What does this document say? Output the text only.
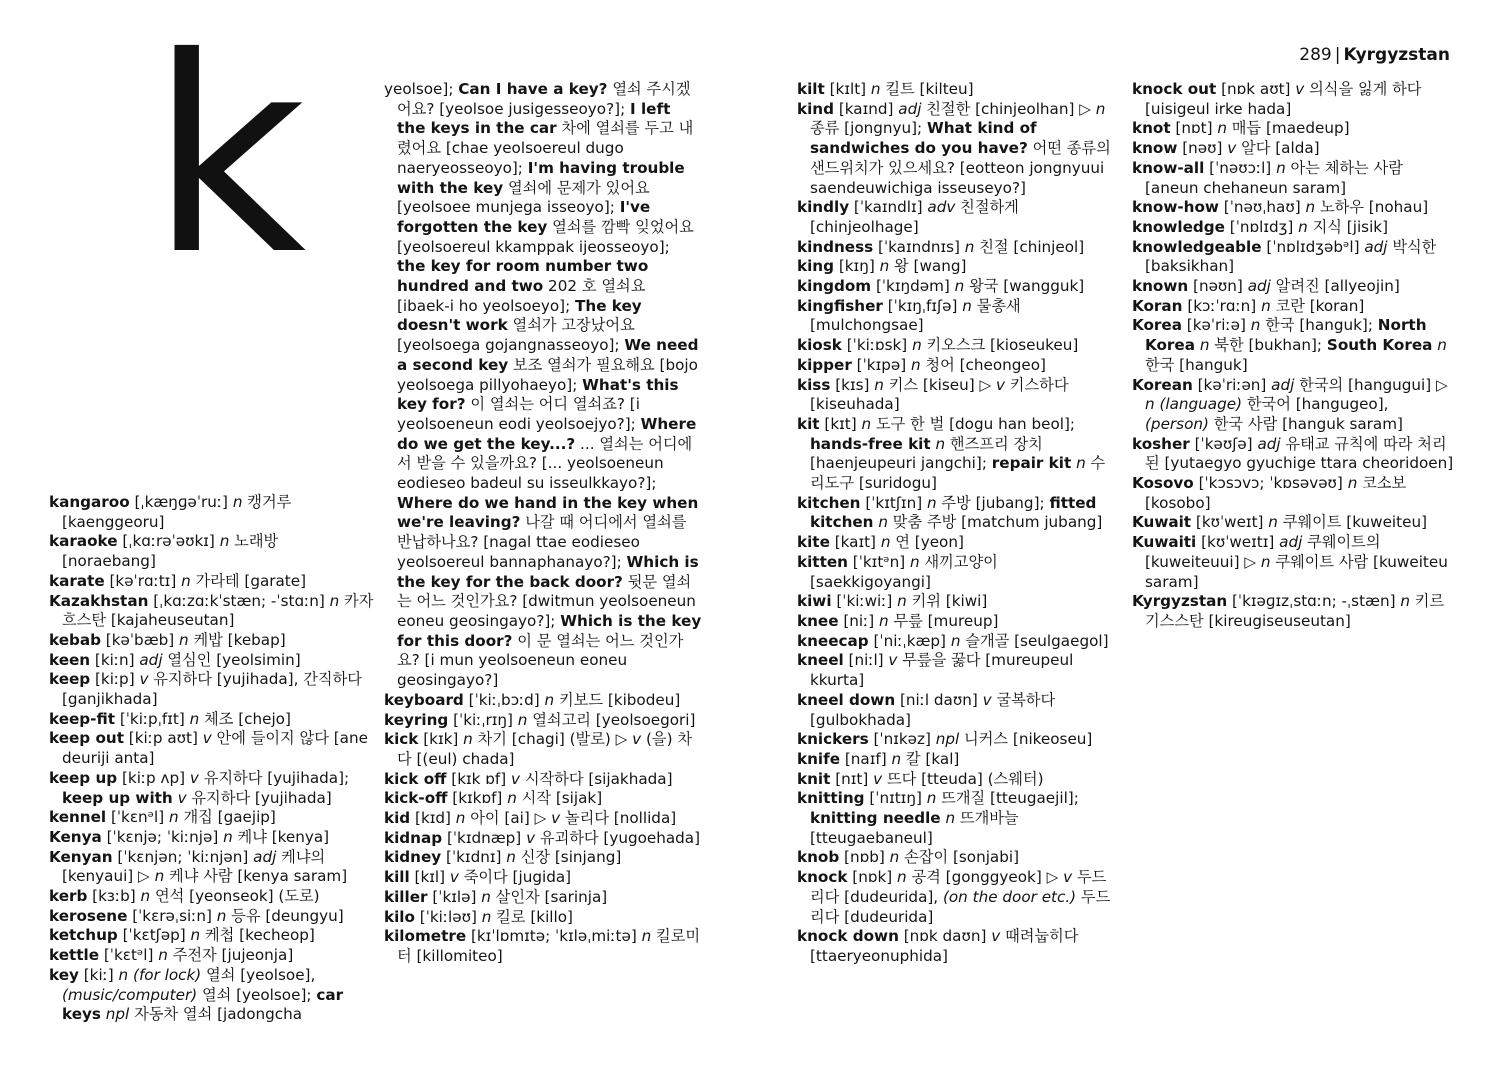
289 | Kyrgyzstan
k
kangaroo [ˌkæŋɡəˈruː] n 캥거루 [kaenggeoru]
karaoke [ˌkɑːrəˈəʊkɪ] n 노래방 [noraebang]
karate [kəˈrɑːtɪ] n 가라테 [garate]
Kazakhstan [ˌkɑːzɑːkˈstæn; -ˈstɑːn] n 카자흐스탄 [kajaheuseutan]
kebab [kəˈbæb] n 케밥 [kebap]
keen [kiːn] adj 열심인 [yeolsimin]
keep [kiːp] v 유지하다 [yujihada], 간직하다 [ganjikhada]
keep-fit [ˈkiːpˌfɪt] n 체조 [chejo]
keep out [kiːp aʊt] v 안에 들이지 않다 [ane deuriji anta]
keep up [kiːp ʌp] v 유지하다 [yujihada]; keep up with v 유지하다 [yujihada]
kennel [ˈkɛnᵊl] n 개집 [gaejip]
Kenya [ˈkɛnjə; ˈkiːnjə] n 케냐 [kenya]
Kenyan [ˈkɛnjən; ˈkiːnjən] adj 케냐의 [kenyaui] ▷ n 케냐 사람 [kenya saram]
kerb [kɜːb] n 연석 [yeonseok] (도로)
kerosene [ˈkɛrəˌsiːn] n 등유 [deungyu]
ketchup [ˈkɛtʃəp] n 케첩 [kecheop]
kettle [ˈkɛtᵊl] n 주전자 [jujeonja]
key [kiː] n (for lock) 열쇠 [yeolsoe], (music/computer) 열쇠 [yeolsoe]; car keys npl 자동차 열쇠 [jadongcha
yeolsoe]; Can I have a key? 열쇠 주시겠어요? [yeolsoe jusigesseoyo?]; I left the keys in the car 차에 열쇠를 두고 내렸어요 [chae yeolsoereul dugo naeryeosseoyo]; I'm having trouble with the key 열쇠에 문제가 있어요 [yeolsoee munjega isseoyo]; I've forgotten the key 열쇠를 깜빡 잊었어요 [yeolsoereul kkamppak ijeosseoyo]; the key for room number two hundred and two 202 호 열쇠요 [ibaek-i ho yeolsoeyo]; The key doesn't work 열쇠가 고장났어요 [yeolsoega gojangnasseoyo]; We need a second key 보조 열쇠가 필요해요 [bojo yeolsoega pillyohaeyo]; What's this key for? 이 열쇠는 어디 열쇠죠? [i yeolsoeneun eodi yeolsoejyo?]; Where do we get the key...? ... 열쇠는 어디에서 받을 수 있을까요? [... yeolsoeneun eodieseo badeul su isseulkkayo?]; Where do we hand in the key when we're leaving? 나갈 때 어디에서 열쇠를 반납하나요? [nagal ttae eodieseo yeolsoereul bannaphanayo?]; Which is the key for the back door? 뒷문 열쇠는 어느 것인가요? [dwitmun yeolsoeneun eoneu geosingayo?]; Which is the key for this door? 이 문 열쇠는 어느 것인가요? [i mun yeolsoeneun eoneu geosingayo?]
keyboard [ˈkiːˌbɔːd] n 키보드 [kibodeu]
keyring [ˈkiːˌrɪŋ] n 열쇠고리 [yeolsoegori]
kick [kɪk] n 차기 [chagi] (발로) ▷ v (을) 차다 [(eul) chada]
kick off [kɪk ɒf] v 시작하다 [sijakhada]
kick-off [kɪkɒf] n 시작 [sijak]
kid [kɪd] n 아이 [ai] ▷ v 놀리다 [nollida]
kidnap [ˈkɪdnæp] v 유괴하다 [yugoehada]
kidney [ˈkɪdnɪ] n 신장 [sinjang]
kill [kɪl] v 죽이다 [jugida]
killer [ˈkɪlə] n 살인자 [sarinja]
kilo [ˈkiːləʊ] n 킬로 [killo]
kilometre [kɪˈlɒmɪtə; ˈkɪləˌmiːtə] n 킬로미터 [killomiteo]
kilt [kɪlt] n 킬트 [kilteu]
kind [kaɪnd] adj 친절한 [chinjeolhan] ▷ n 종류 [jongnyu]; What kind of sandwiches do you have? 어떤 종류의 샌드위치가 있으세요? [eotteon jongnyuui saendeuwichiga isseuseyo?]
kindly [ˈkaɪndlɪ] adv 친절하게 [chinjeolhage]
kindness [ˈkaɪndnɪs] n 친절 [chinjeol]
king [kɪŋ] n 왕 [wang]
kingdom [ˈkɪŋdəm] n 왕국 [wangguk]
kingfisher [ˈkɪŋˌfɪʃə] n 물총새 [mulchongsae]
kiosk [ˈkiːɒsk] n 키오스크 [kioseukeu]
kipper [ˈkɪpə] n 청어 [cheongeo]
kiss [kɪs] n 키스 [kiseu] ▷ v 키스하다 [kiseuhada]
kit [kɪt] n 도구 한 벌 [dogu han beol]; hands-free kit n 핸즈프리 장치 [haenjeupeuri jangchi]; repair kit n 수리도구 [suridogu]
kitchen [ˈkɪtʃɪn] n 주방 [jubang]; fitted kitchen n 맞춤 주방 [matchum jubang]
kite [kaɪt] n 연 [yeon]
kitten [ˈkɪtᵊn] n 새끼고양이 [saekkigoyangi]
kiwi [ˈkiːwiː] n 키위 [kiwi]
knee [niː] n 무릎 [mureup]
kneecap [ˈniːˌkæp] n 슬개골 [seulgaegol]
kneel [niːl] v 무릎을 꿇다 [mureupeul kkurta]
kneel down [niːl daʊn] v 굴복하다 [gulbokhada]
knickers [ˈnɪkəz] npl 니커스 [nikeoseu]
knife [naɪf] n 칼 [kal]
knit [nɪt] v 뜨다 [tteuda] (스웨터)
knitting [ˈnɪtɪŋ] n 뜨개질 [tteugaejil]; knitting needle n 뜨개바늘 [tteugaebaneul]
knob [nɒb] n 손잡이 [sonjabi]
knock [nɒk] n 공격 [gonggyeok] ▷ v 두드리다 [dudeurida], (on the door etc.) 두드리다 [dudeurida]
knock down [nɒk daʊn] v 때려눕히다 [ttaeryeonuphida]
knock out [nɒk aʊt] v 의식을 잃게 하다 [uisigeul irke hada]
knot [nɒt] n 매듭 [maedeup]
know [nəʊ] v 알다 [alda]
know-all [ˈnəʊɔːl] n 아는 체하는 사람 [aneun chehaneun saram]
know-how [ˈnəʊˌhaʊ] n 노하우 [nohau]
knowledge [ˈnɒlɪdʒ] n 지식 [jisik]
knowledgeable [ˈnɒlɪdʒəbᵊl] adj 박식한 [baksikhan]
known [nəʊn] adj 알려진 [allyeojin]
Koran [kɔːˈrɑːn] n 코란 [koran]
Korea [kəˈriːə] n 한국 [hanguk]; North Korea n 북한 [bukhan]; South Korea n 한국 [hanguk]
Korean [kəˈriːən] adj 한국의 [hangugui] ▷ n (language) 한국어 [hangugeo], (person) 한국 사람 [hanguk saram]
kosher [ˈkəʊʃə] adj 유태교 규칙에 따라 처리된 [yutaegyo gyuchige ttara cheoridoen]
Kosovo [ˈkɔsɔvɔ; ˈkɒsəvəʊ] n 코소보 [kosobo]
Kuwait [kʊˈweɪt] n 쿠웨이트 [kuweiteu]
Kuwaiti [kʊˈweɪtɪ] adj 쿠웨이트의 [kuweiteuui] ▷ n 쿠웨이트 사람 [kuweiteu saram]
Kyrgyzstan [ˈkɪəɡɪzˌstɑːn; -ˌstæn] n 키르기스스탄 [kireugiseuseutan]
